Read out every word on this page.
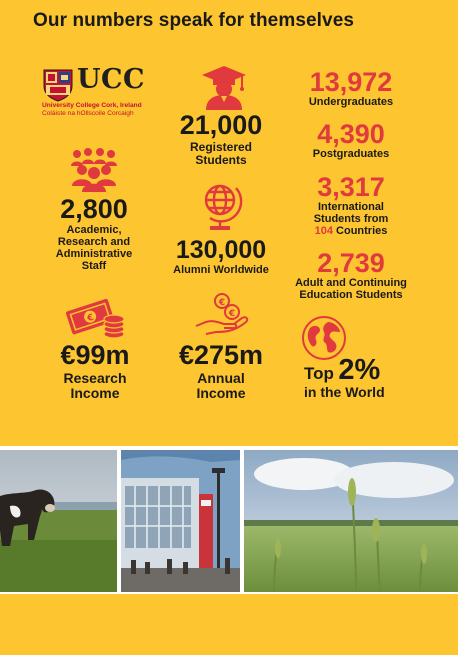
Our numbers speak for themselves
UCC
University College Cork, Ireland
Coláiste na hOllscoile Corcaigh	21,000
Registered
Students
2,800
Academic,
Research and
Administrative
Staff
130,000
Alumni Worldwide
13,972
Undergraduates
4,390
Postgraduates
3,317
International
Students from
104 Countries
2,739
Adult and Continuing
Education Students
€
€99m
Research
Income
€
€
€275m
Annual
Income
Top 2%
in the World
